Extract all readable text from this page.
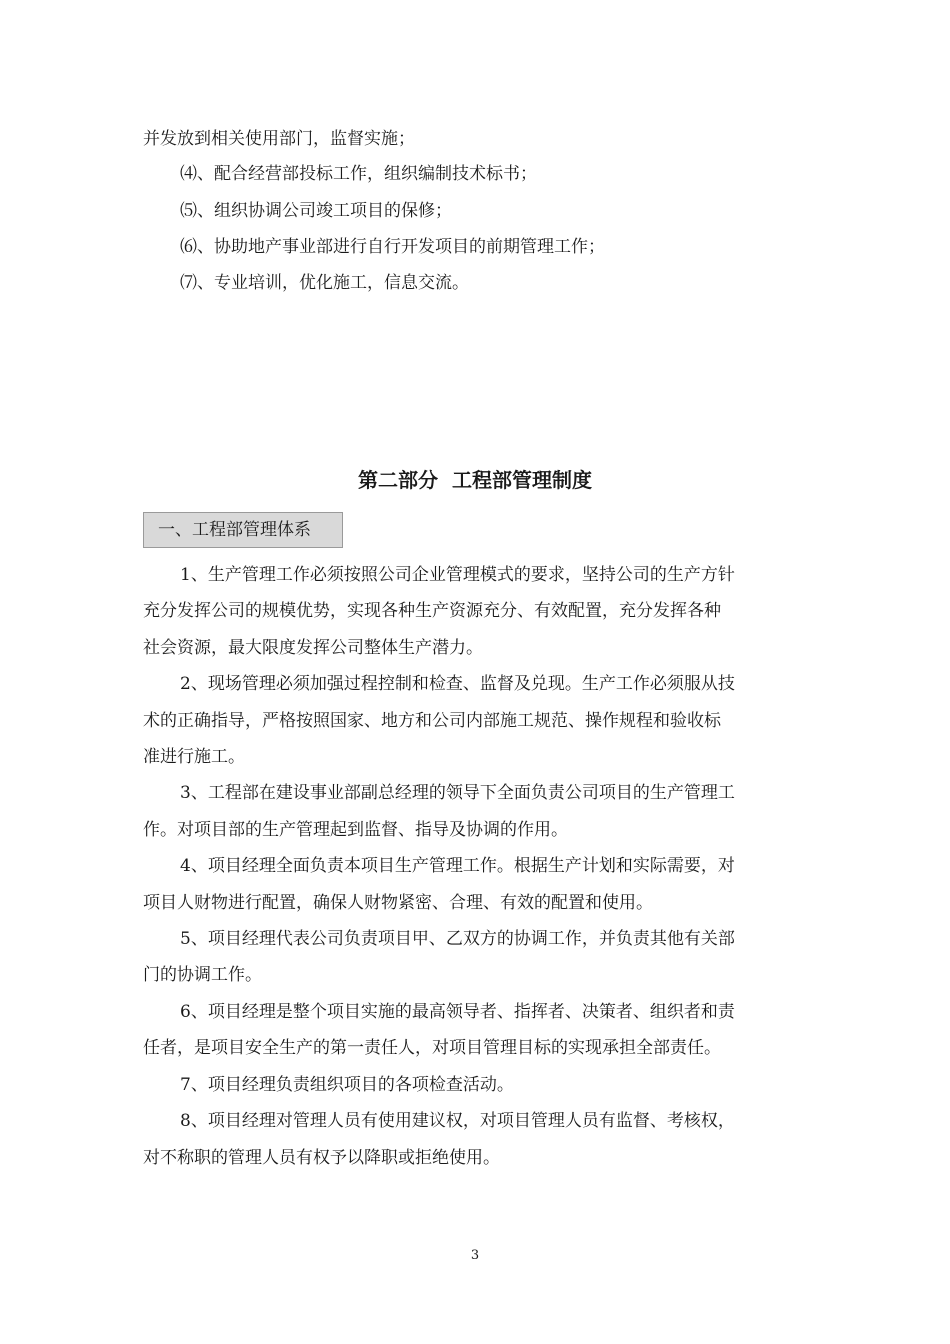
并发放到相关使用部门，监督实施；
⑷、配合经营部投标工作，组织编制技术标书；
⑸、组织协调公司竣工项目的保修；
⑹、协助地产事业部进行自行开发项目的前期管理工作；
⑺、专业培训，优化施工，信息交流。
第二部分  工程部管理制度
一、工程部管理体系
1、生产管理工作必须按照公司企业管理模式的要求，坚持公司的生产方针
充分发挥公司的规模优势，实现各种生产资源充分、有效配置，充分发挥各种
社会资源，最大限度发挥公司整体生产潜力。
2、现场管理必须加强过程控制和检查、监督及兑现。生产工作必须服从技
术的正确指导，严格按照国家、地方和公司内部施工规范、操作规程和验收标
准进行施工。
3、工程部在建设事业部副总经理的领导下全面负责公司项目的生产管理工
作。对项目部的生产管理起到监督、指导及协调的作用。
4、项目经理全面负责本项目生产管理工作。根据生产计划和实际需要，对
项目人财物进行配置，确保人财物紧密、合理、有效的配置和使用。
5、项目经理代表公司负责项目甲、乙双方的协调工作，并负责其他有关部
门的协调工作。
6、项目经理是整个项目实施的最高领导者、指挥者、决策者、组织者和责
任者，是项目安全生产的第一责任人，对项目管理目标的实现承担全部责任。
7、项目经理负责组织项目的各项检查活动。
8、项目经理对管理人员有使用建议权，对项目管理人员有监督、考核权，
对不称职的管理人员有权予以降职或拒绝使用。
3
